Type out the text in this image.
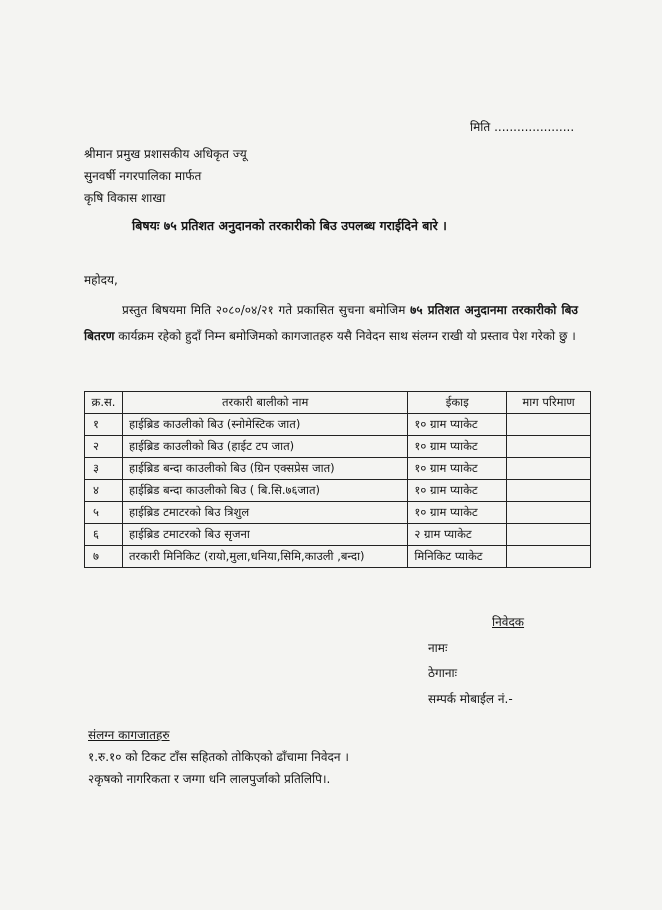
मिति .....................
श्रीमान प्रमुख प्रशासकीय अधिकृत ज्यू
सुनवर्षी नगरपालिका मार्फत
कृषि विकास शाखा
बिषयः ७५ प्रतिशत अनुदानको तरकारीको बिउ उपलब्ध गराईदिने बारे ।
महोदय,
प्रस्तुत बिषयमा मिति २०८०/०४/२१ गते प्रकासित सुचना बमोजिम ७५ प्रतिशत अनुदानमा तरकारीको बिउ बितरण कार्यक्रम रहेको हुदाँ निम्न बमोजिमको कागजातहरु यसै निवेदन साथ संलग्न राखी यो प्रस्ताव पेश गरेको छु ।
क्र.स.	तरकारी बालीको नाम	ईकाइ	माग परिमाण
१	हाईब्रिड काउलीको बिउ (स्नोमेस्टिक जात)	१० ग्राम प्याकेट	
२	हाईब्रिड काउलीको बिउ (हाईट टप जात)	१० ग्राम प्याकेट	
३	हाईब्रिड बन्दा काउलीको बिउ (ग्रिन एक्सप्रेस जात)	१० ग्राम प्याकेट	
४	हाईब्रिड बन्दा काउलीको बिउ ( बि.सि.७६जात)	१० ग्राम प्याकेट	
५	हाईब्रिड टमाटरको बिउ त्रिशुल	१० ग्राम प्याकेट	
६	हाईब्रिड टमाटरको बिउ सृजना	२ ग्राम प्याकेट	
७	तरकारी मिनिकिट (रायो,मुला,धनिया,सिमि,काउली ,बन्दा)	मिनिकिट प्याकेट	
निवेदक
नामः
ठेगानाः
सम्पर्क मोबाईल नं.-
संलग्न कागजातहरु
१.रु.१० को टिकट टाँस सहितको तोकिएको ढाँचामा निवेदन ।
२कृषको नागरिकता र जग्गा धनि लालपुर्जाको प्रतिलिपि।.
